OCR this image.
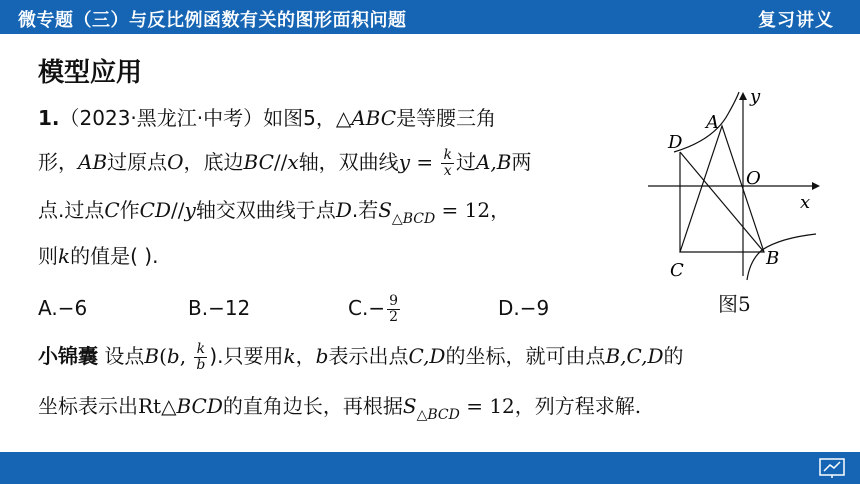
微专题（三）与反比例函数有关的图形面积问题	复习讲义
模型应用
1.（2023·黑龙江·中考）如图5，△ABC是等腰三角
形，AB过原点O，底边BC//x轴，双曲线$y = \frac{k}{x}$ 过A,B两
点.过点C作CD//y轴交双曲线于点D.若$S_{\triangle BCD} = 12$，
则k的值是( ).
A.−6	B.−12	$C.- \frac{9}{2}$	D.−9
小锦囊 设点B(b, $\frac{k}{b}$ ).只要用k，b表示出点C,D的坐标，就可由点B,C,D的
坐标表示出Rt△BCD的直角边长，再根据$S_{\triangle BCD} = 12$，列方程求解.
D
A
O
x
y
C
B
图5
